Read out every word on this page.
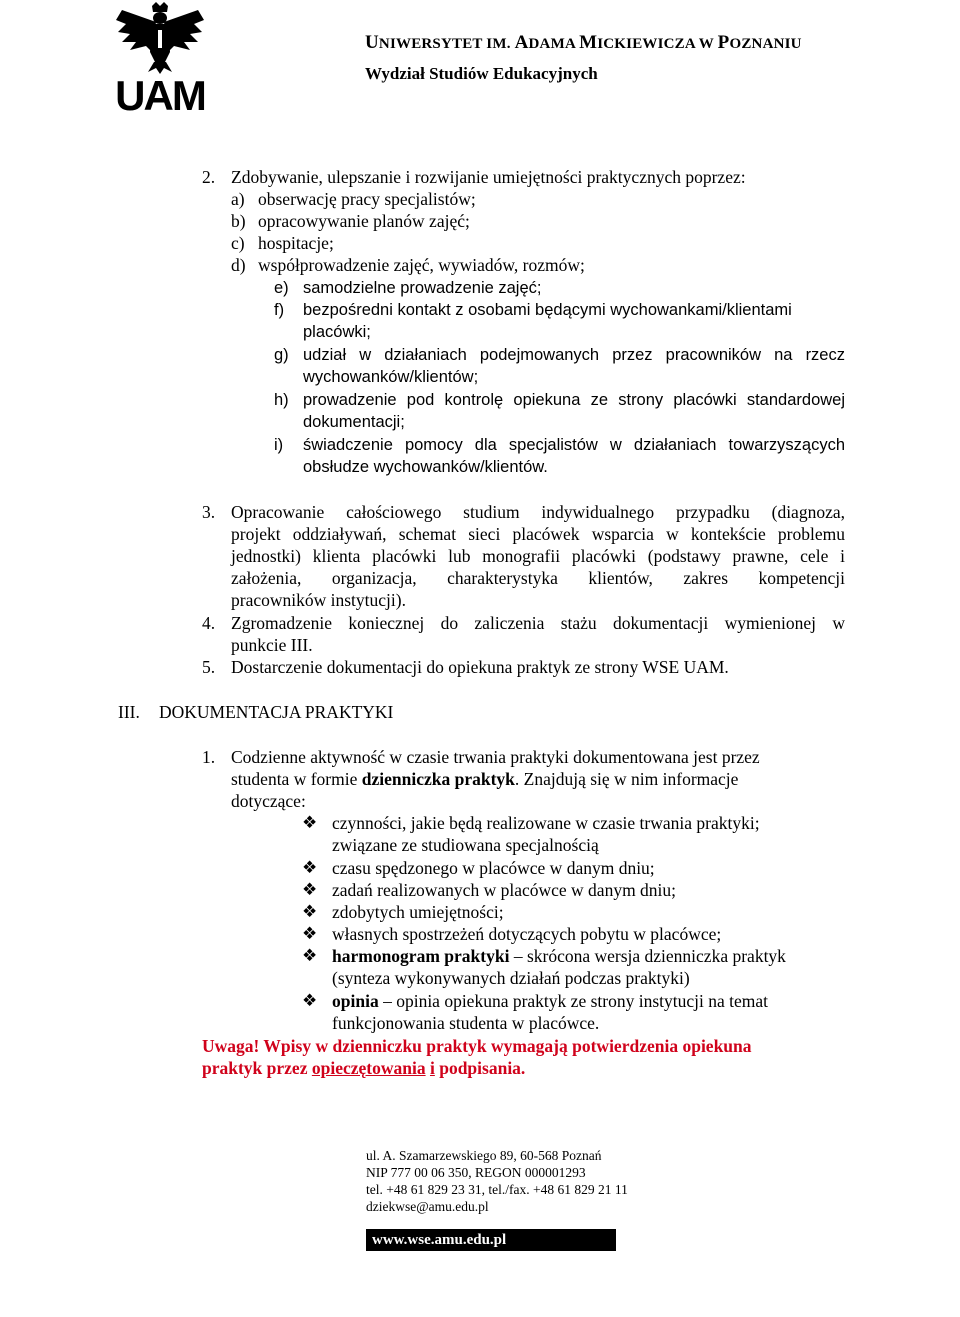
UAM
UNIWERSYTET IM. ADAMA MICKIEWICZA W POZNANIU
Wydział Studiów Edukacyjnych
2. Zdobywanie, ulepszanie i rozwijanie umiejętności praktycznych poprzez:
a) obserwację pracy specjalistów;
b) opracowywanie planów zajęć;
c) hospitacje;
d) współprowadzenie zajęć, wywiadów, rozmów;
e) samodzielne prowadzenie zajęć;
f) bezpośredni kontakt z osobami będącymi wychowankami/klientami
placówki;
g) udział w działaniach podejmowanych przez pracowników na rzecz
wychowanków/klientów;
h) prowadzenie pod kontrolę opiekuna ze strony placówki standardowej
dokumentacji;
i) świadczenie pomocy dla specjalistów w działaniach towarzyszących
obsłudze wychowanków/klientów.
3. Opracowanie całościowego studium indywidualnego przypadku (diagnoza,
projekt oddziaływań, schemat sieci placówek wsparcia w kontekście problemu
jednostki) klienta placówki lub monografii placówki (podstawy prawne, cele i
założenia, organizacja, charakterystyka klientów, zakres kompetencji
pracowników instytucji).
4. Zgromadzenie koniecznej do zaliczenia stażu dokumentacji wymienionej w
punkcie III.
5. Dostarczenie dokumentacji do opiekuna praktyk ze strony WSE UAM.
III. DOKUMENTACJA PRAKTYKI
1. Codzienne aktywność w czasie trwania praktyki dokumentowana jest przez
studenta w formie dzienniczka praktyk. Znajdują się w nim informacje
dotyczące:
❖ czynności, jakie będą realizowane w czasie trwania praktyki;
związane ze studiowana specjalnością
❖ czasu spędzonego w placówce w danym dniu;
❖ zadań realizowanych w placówce w danym dniu;
❖ zdobytych umiejętności;
❖ własnych spostrzeżeń dotyczących pobytu w placówce;
❖ harmonogram praktyki – skrócona wersja dzienniczka praktyk
(synteza wykonywanych działań podczas praktyki)
❖ opinia – opinia opiekuna praktyk ze strony instytucji na temat
funkcjonowania studenta w placówce.
Uwaga! Wpisy w dzienniczku praktyk wymagają potwierdzenia opiekuna
praktyk przez opieczętowania i podpisania.
ul. A. Szamarzewskiego 89, 60-568 Poznań
NIP 777 00 06 350, REGON 000001293
tel. +48 61 829 23 31, tel./fax. +48 61 829 21 11
dziekwse@amu.edu.pl
www.wse.amu.edu.pl
